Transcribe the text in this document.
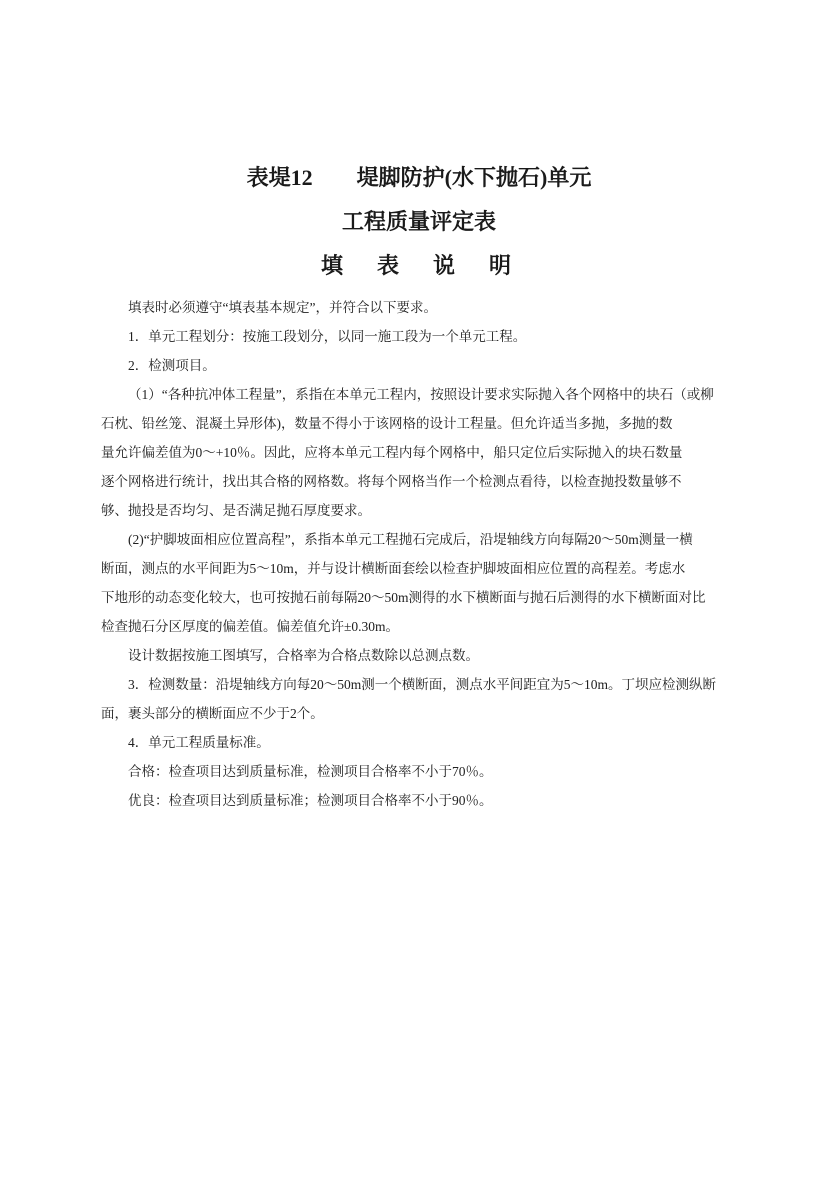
表堤12　　堤脚防护(水下抛石)单元
工程质量评定表
填　表　说　明
填表时必须遵守“填表基本规定”，并符合以下要求。
1．单元工程划分：按施工段划分，以同一施工段为一个单元工程。
2．检测项目。
（1）“各种抗冲体工程量”，系指在本单元工程内，按照设计要求实际抛入各个网格中的块石（或柳
石枕、铅丝笼、混凝土异形体)，数量不得小于该网格的设计工程量。但允许适当多抛，多抛的数
量允许偏差值为0～+10％。因此，应将本单元工程内每个网格中，船只定位后实际抛入的块石数量
逐个网格进行统计，找出其合格的网格数。将每个网格当作一个检测点看待，以检查抛投数量够不
够、抛投是否均匀、是否满足抛石厚度要求。
(2)“护脚坡面相应位置高程”，系指本单元工程抛石完成后，沿堤轴线方向每隔20～50m测量一横
断面，测点的水平间距为5～10m，并与设计横断面套绘以检查护脚坡面相应位置的高程差。考虑水
下地形的动态变化较大，也可按抛石前每隔20～50m测得的水下横断面与抛石后测得的水下横断面对比
检查抛石分区厚度的偏差值。偏差值允许±0.30m。
设计数据按施工图填写，合格率为合格点数除以总测点数。
3．检测数量：沿堤轴线方向每20～50m测一个横断面，测点水平间距宜为5～10m。丁坝应检测纵断
面，裹头部分的横断面应不少于2个。
4．单元工程质量标准。
合格：检查项目达到质量标准，检测项目合格率不小于70％。
优良：检查项目达到质量标准；检测项目合格率不小于90％。
